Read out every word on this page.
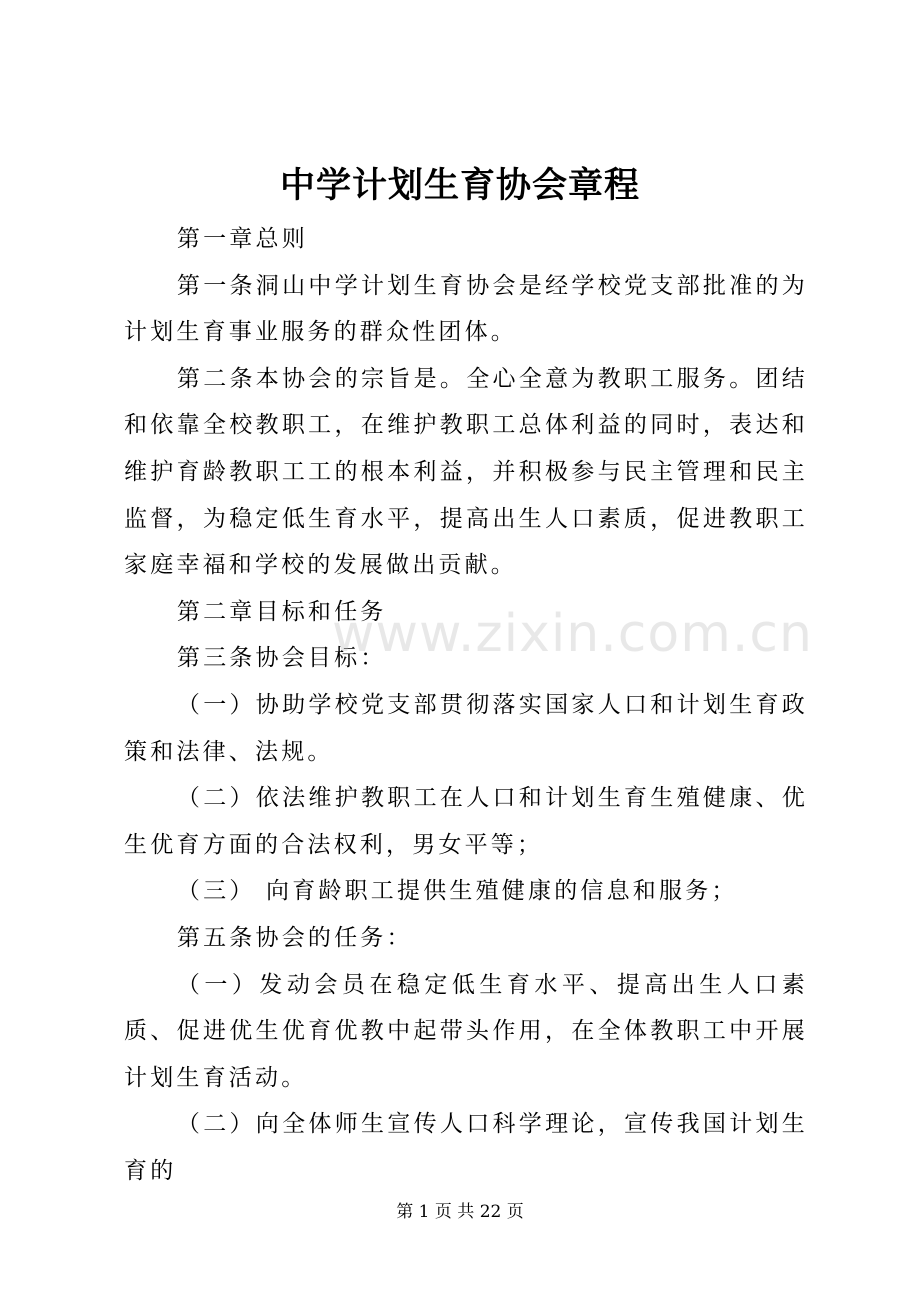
中学计划生育协会章程

第一章总则

第一条洞山中学计划生育协会是经学校党支部批准的为计划生育事业服务的群众性团体。

第二条本协会的宗旨是。全心全意为教职工服务。团结和依靠全校教职工，在维护教职工总体利益的同时，表达和维护育龄教职工工的根本利益，并积极参与民主管理和民主监督，为稳定低生育水平，提高出生人口素质，促进教职工家庭幸福和学校的发展做出贡献。

第二章目标和任务

第三条协会目标：

（一）协助学校党支部贯彻落实国家人口和计划生育政策和法律、法规。

（二）依法维护教职工在人口和计划生育生殖健康、优生优育方面的合法权利，男女平等；

（三） 向育龄职工提供生殖健康的信息和服务；

第五条协会的任务：

（一）发动会员在稳定低生育水平、提高出生人口素质、促进优生优育优教中起带头作用，在全体教职工中开展计划生育活动。

（二）向全体师生宣传人口科学理论，宣传我国计划生育的

www.zixin.com.cn
第 1 页 共 22 页
